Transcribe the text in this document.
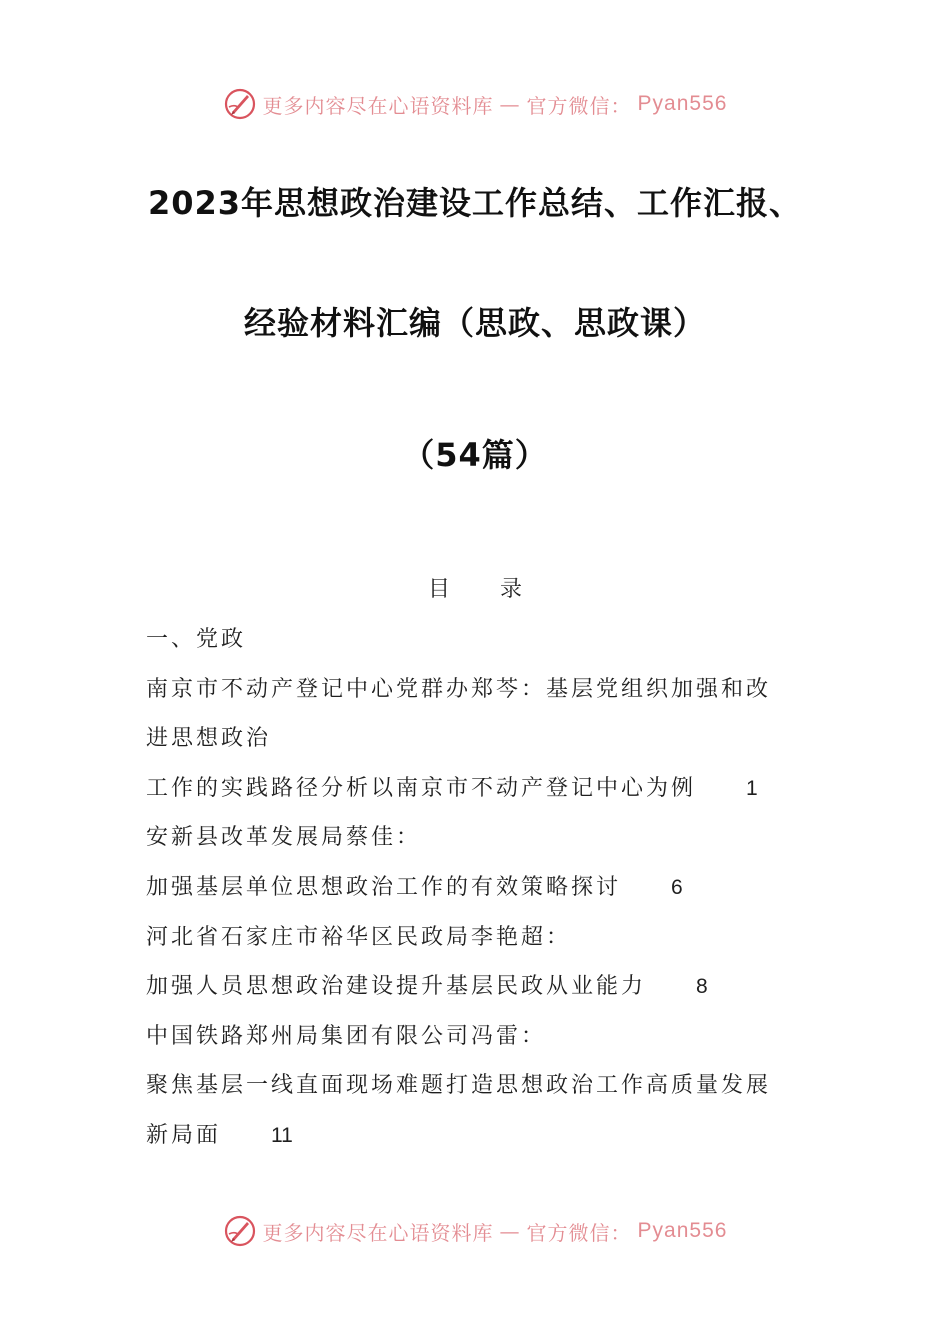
更多内容尽在心语资料库 — 官方微信： Pyan556
2023年思想政治建设工作总结、工作汇报、
经验材料汇编（思政、思政课）
（54篇）
目录
一、党政
南京市不动产登记中心党群办郑芩：基层党组织加强和改
进思想政治
工作的实践路径分析以南京市不动产登记中心为例 1
安新县改革发展局蔡佳：
加强基层单位思想政治工作的有效策略探讨 6
河北省石家庄市裕华区民政局李艳超：
加强人员思想政治建设提升基层民政从业能力 8
中国铁路郑州局集团有限公司冯雷：
聚焦基层一线直面现场难题打造思想政治工作高质量发展
新局面 11
更多内容尽在心语资料库 — 官方微信： Pyan556
